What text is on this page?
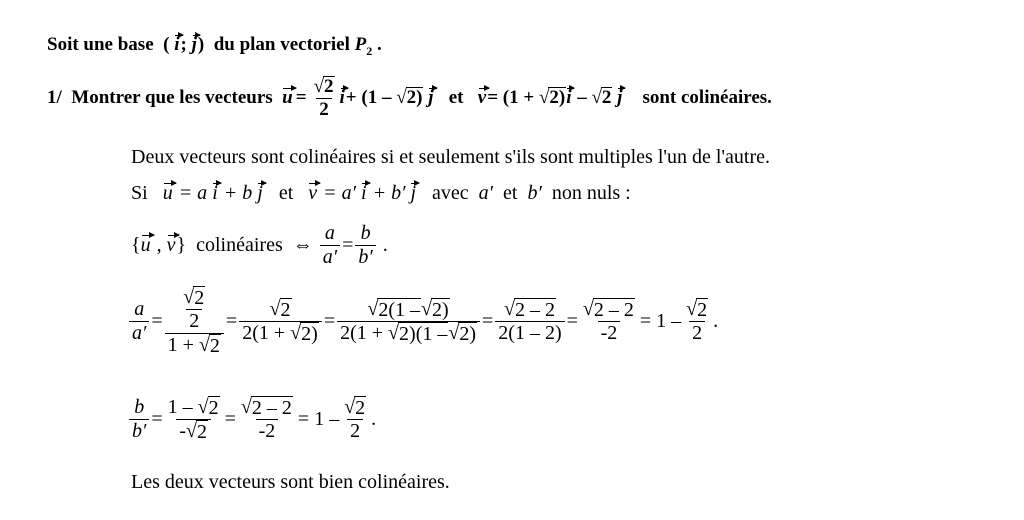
Soit une base ( i; j) du plan vectoriel $P_2$ .
1/
Montrer que les vecteurs
$u = \frac{√ 2}{2}$ i + (1 – √ 2)
j
et
v = (1 + √ 2) i
– √ 2
j
sont colinéaires.
Deux vecteurs sont colinéaires si et seulement s'ils sont multiples l'un de l'autre.
Si u = a i + b j et v = a′ i + b′ j avec a′ et b′ non nuls :
{ u
,
v }
colinéaires
⇔
$\frac{a}{a'} = \frac{b}{b'}$
.
$\frac{a}{a'} = \frac{\frac{√ 2}{2}}{1 + √ 2} = \frac{√ 2}{2(1 + √ 2)} = \frac{√ 2(1 - √ 2)}{2(1 + √ 2)(1 - √ 2)} = \frac{√ 2 - 2}{2(1 - 2)} = \frac{√ 2 - 2}{-2}$ =
$1 - \frac{√ 2}{2}$ .
$\frac{b}{b'} = \frac{1 - √ 2}{- √ 2} = \frac{√ 2 - 2}{-2}$ =
$1 - \frac{√ 2}{2}$ .
Les deux vecteurs sont bien colinéaires.
